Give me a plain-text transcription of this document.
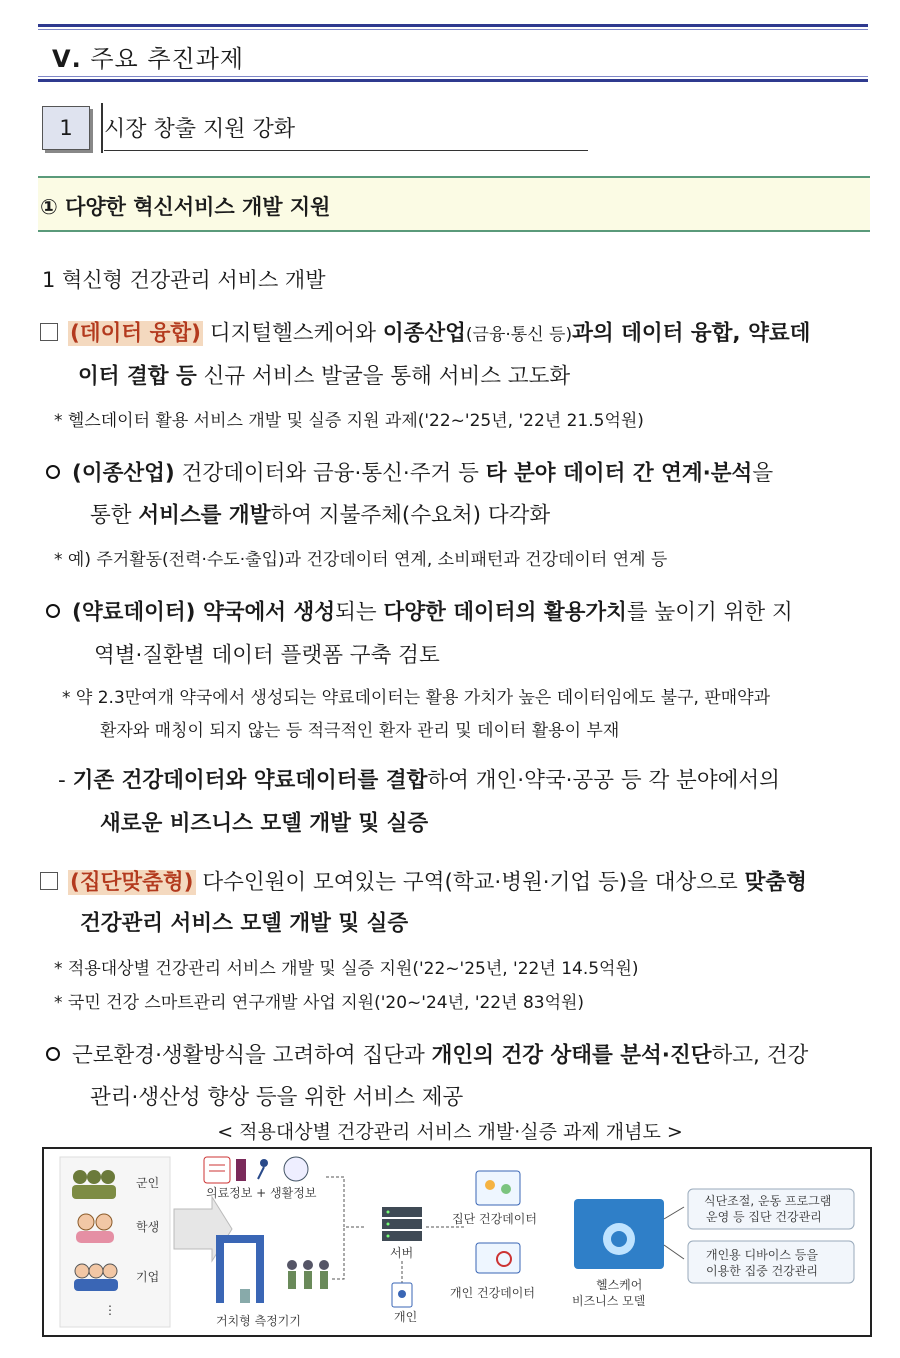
Ⅴ. 주요 추진과제
1	시장 창출 지원 강화
① 다양한 혁신서비스 개발 지원
1 혁신형 건강관리 서비스 개발
(데이터 융합) 디지털헬스케어와 이종산업(금융·통신 등)과의 데이터 융합, 약료데
이터 결합 등 신규 서비스 발굴을 통해 서비스 고도화
* 헬스데이터 활용 서비스 개발 및 실증 지원 과제('22~'25년, '22년 21.5억원)
(이종산업) 건강데이터와 금융·통신·주거 등 타 분야 데이터 간 연계·분석을
통한 서비스를 개발하여 지불주체(수요처) 다각화
* 예) 주거활동(전력·수도·출입)과 건강데이터 연계, 소비패턴과 건강데이터 연계 등
(약료데이터) 약국에서 생성되는 다양한 데이터의 활용가치를 높이기 위한 지
역별·질환별 데이터 플랫폼 구축 검토
* 약 2.3만여개 약국에서 생성되는 약료데이터는 활용 가치가 높은 데이터임에도 불구, 판매약과
환자와 매칭이 되지 않는 등 적극적인 환자 관리 및 데이터 활용이 부재
- 기존 건강데이터와 약료데이터를 결합하여 개인·약국·공공 등 각 분야에서의
새로운 비즈니스 모델 개발 및 실증
(집단맞춤형) 다수인원이 모여있는 구역(학교·병원·기업 등)을 대상으로 맞춤형
건강관리 서비스 모델 개발 및 실증
* 적용대상별 건강관리 서비스 개발 및 실증 지원('22~'25년, '22년 14.5억원)
* 국민 건강 스마트관리 연구개발 사업 지원('20~'24년, '22년 83억원)
근로환경·생활방식을 고려하여 집단과 개인의 건강 상태를 분석·진단하고, 건강
관리·생산성 향상 등을 위한 서비스 제공
< 적용대상별 건강관리 서비스 개발·실증 과제 개념도 >
군인
학생
기업
⋮
의료정보 + 생활정보
거치형 측정기기
서버
개인
집단 건강데이터
개인 건강데이터
헬스케어
비즈니스 모델
식단조절, 운동 프로그램
운영 등 집단 건강관리
개인용 디바이스 등을
이용한 집중 건강관리
